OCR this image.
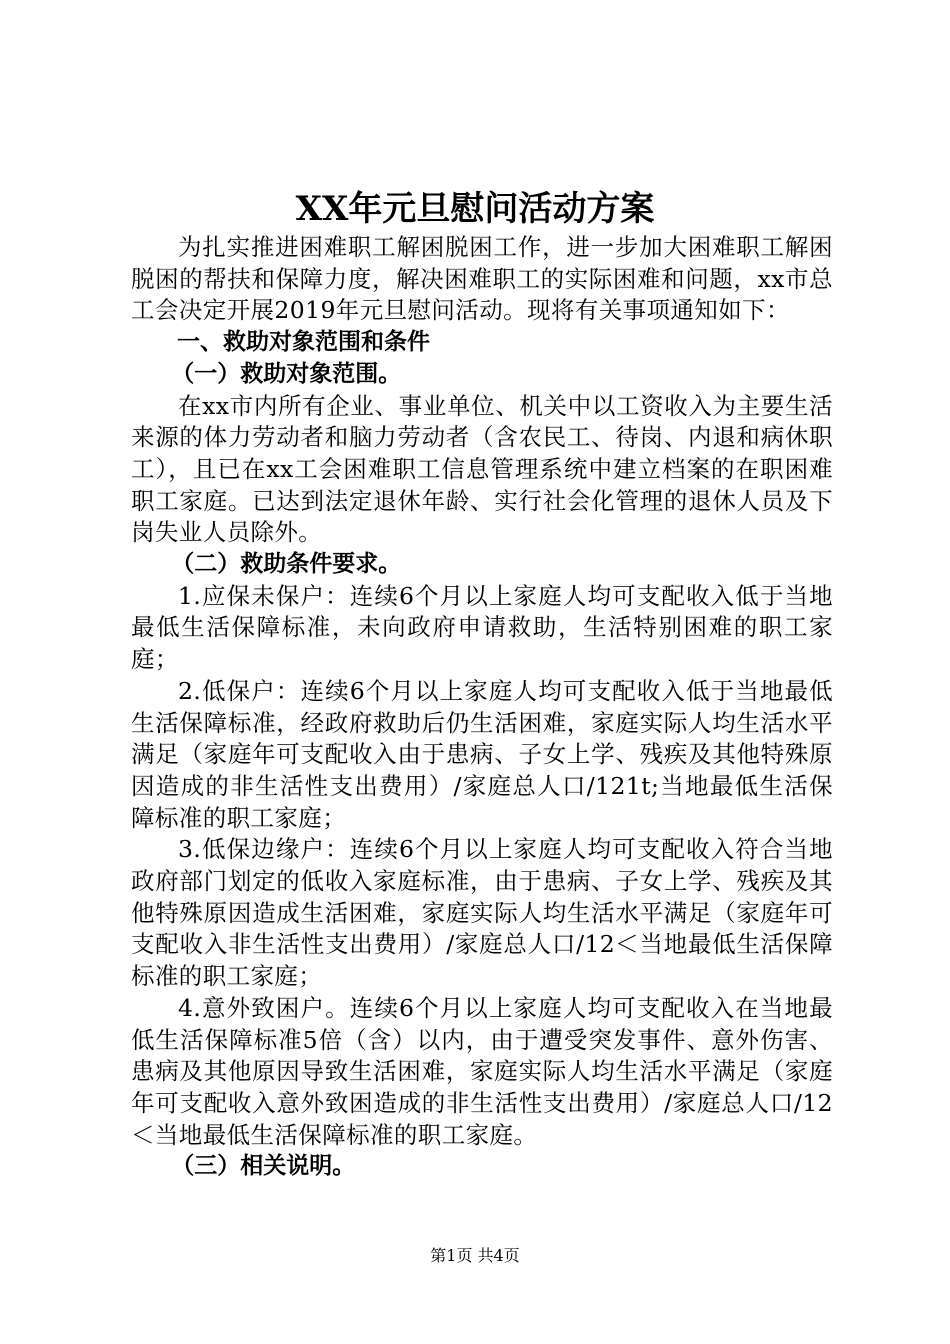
XX年元旦慰问活动方案

为扎实推进困难职工解困脱困工作，进一步加大困难职工解困脱困的帮扶和保障力度，解决困难职工的实际困难和问题，xx市总工会决定开展2019年元旦慰问活动。现将有关事项通知如下：

一、救助对象范围和条件

（一）救助对象范围。

在xx市内所有企业、事业单位、机关中以工资收入为主要生活来源的体力劳动者和脑力劳动者（含农民工、待岗、内退和病休职工），且已在xx工会困难职工信息管理系统中建立档案的在职困难职工家庭。已达到法定退休年龄、实行社会化管理的退休人员及下岗失业人员除外。

（二）救助条件要求。

1.应保未保户：连续6个月以上家庭人均可支配收入低于当地最低生活保障标准，未向政府申请救助，生活特别困难的职工家庭；

2.低保户：连续6个月以上家庭人均可支配收入低于当地最低生活保障标准，经政府救助后仍生活困难，家庭实际人均生活水平满足（家庭年可支配收入由于患病、子女上学、残疾及其他特殊原因造成的非生活性支出费用）/家庭总人口/121t;当地最低生活保障标准的职工家庭；

3.低保边缘户：连续6个月以上家庭人均可支配收入符合当地政府部门划定的低收入家庭标准，由于患病、子女上学、残疾及其他特殊原因造成生活困难，家庭实际人均生活水平满足（家庭年可支配收入非生活性支出费用）/家庭总人口/12＜当地最低生活保障标准的职工家庭；

4.意外致困户。连续6个月以上家庭人均可支配收入在当地最低生活保障标准5倍（含）以内，由于遭受突发事件、意外伤害、患病及其他原因导致生活困难，家庭实际人均生活水平满足（家庭年可支配收入意外致困造成的非生活性支出费用）/家庭总人口/12＜当地最低生活保障标准的职工家庭。

（三）相关说明。

第1页 共4页
